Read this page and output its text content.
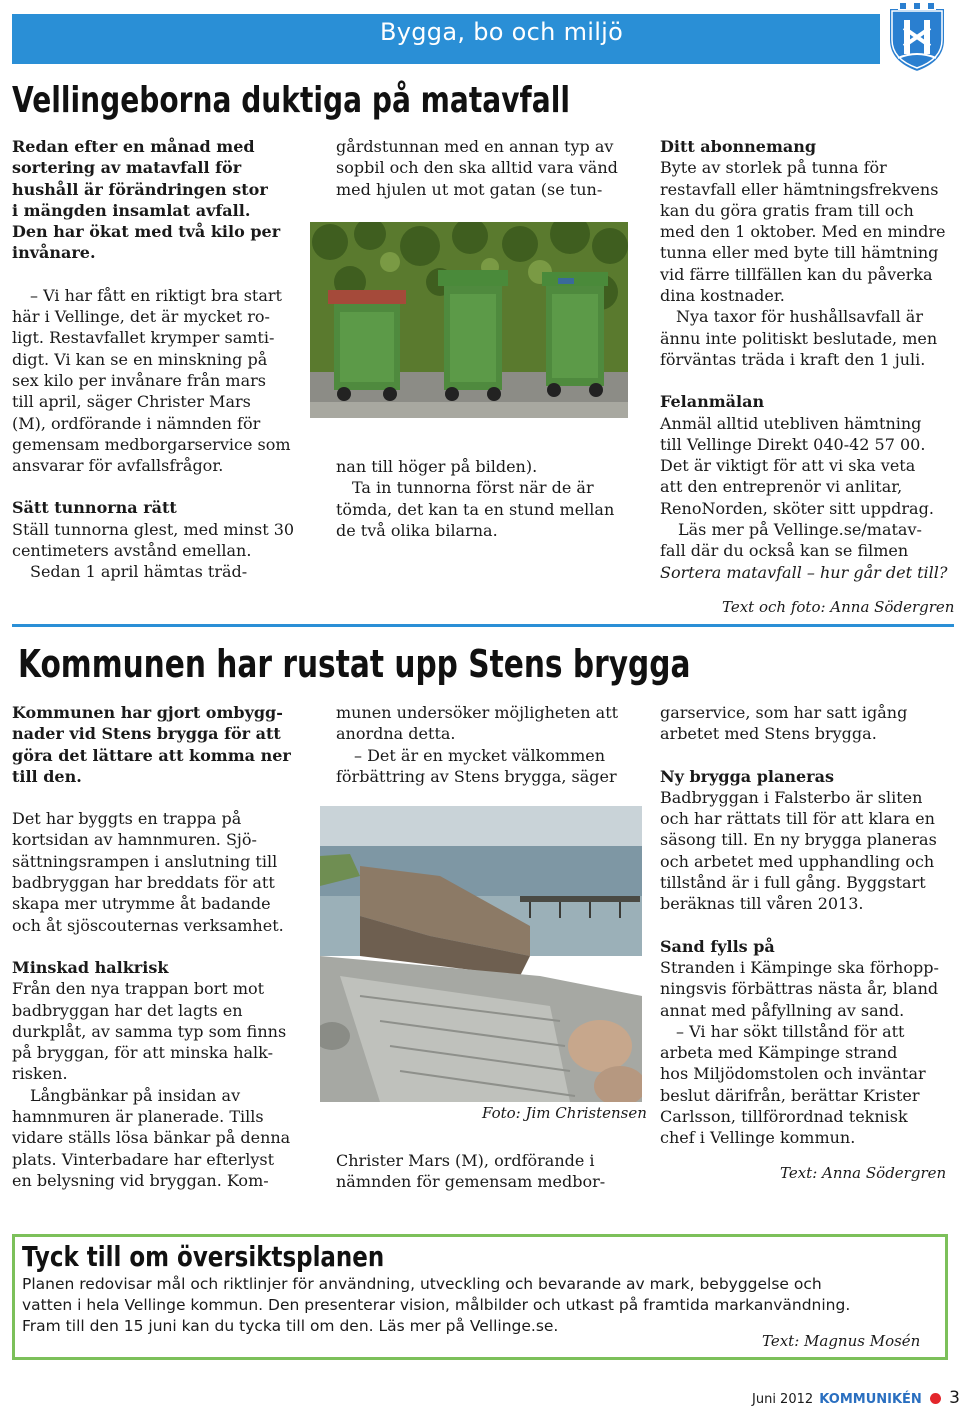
Bygga, bo och miljö
Vellingeborna duktiga på matavfall
Redan efter en månad med
sortering av matavfall för
hushåll är förändringen stor
i mängden insamlat avfall.
Den har ökat med två kilo per
invånare.
– Vi har fått en riktigt bra start
här i Vellinge, det är mycket ro-
ligt. Restavfallet krymper samti-
digt. Vi kan se en minskning på
sex kilo per invånare från mars
till april, säger Christer Mars
(M), ordförande i nämnden för
gemensam medborgarservice som
ansvarar för avfallsfrågor.
Sätt tunnorna rätt
Ställ tunnorna glest, med minst 30
centimeters avstånd emellan.
Sedan 1 april hämtas träd-
gårdstunnan med en annan typ av
sopbil och den ska alltid vara vänd
med hjulen ut mot gatan (se tun-
nan till höger på bilden).
Ta in tunnorna först när de är
tömda, det kan ta en stund mellan
de två olika bilarna.
Ditt abonnemang
Byte av storlek på tunna för
restavfall eller hämtningsfrekvens
kan du göra gratis fram till och
med den 1 oktober. Med en mindre
tunna eller med byte till hämtning
vid färre tillfällen kan du påverka
dina kostnader.
Nya taxor för hushållsavfall är
ännu inte politiskt beslutade, men
förväntas träda i kraft den 1 juli.
Felanmälan
Anmäl alltid utebliven hämtning
till Vellinge Direkt 040-42 57 00.
Det är viktigt för att vi ska veta
att den entreprenör vi anlitar,
RenoNorden, sköter sitt uppdrag.
Läs mer på Vellinge.se/matav-
fall där du också kan se filmen
Sortera matavfall – hur går det till?
Text och foto: Anna Södergren
Kommunen har rustat upp Stens brygga
Kommunen har gjort ombygg-
nader vid Stens brygga för att
göra det lättare att komma ner
till den.
Det har byggts en trappa på
kortsidan av hamnmuren. Sjö-
sättningsrampen i anslutning till
badbryggan har breddats för att
skapa mer utrymme åt badande
och åt sjöscouternas verksamhet.
Minskad halkrisk
Från den nya trappan bort mot
badbryggan har det lagts en
durkplåt, av samma typ som finns
på bryggan, för att minska halk-
risken.
Långbänkar på insidan av
hamnmuren är planerade. Tills
vidare ställs lösa bänkar på denna
plats. Vinterbadare har efterlyst
en belysning vid bryggan. Kom-
munen undersöker möjligheten att
anordna detta.
– Det är en mycket välkommen
förbättring av Stens brygga, säger
Foto: Jim Christensen
Christer Mars (M), ordförande i
nämnden för gemensam medbor-
garservice, som har satt igång
arbetet med Stens brygga.
Ny brygga planeras
Badbryggan i Falsterbo är sliten
och har rättats till för att klara en
säsong till. En ny brygga planeras
och arbetet med upphandling och
tillstånd är i full gång. Byggstart
beräknas till våren 2013.
Sand fylls på
Stranden i Kämpinge ska förhopp-
ningsvis förbättras nästa år, bland
annat med påfyllning av sand.
– Vi har sökt tillstånd för att
arbeta med Kämpinge strand
hos Miljödomstolen och inväntar
beslut därifrån, berättar Krister
Carlsson, tillförordnad teknisk
chef i Vellinge kommun.
Text: Anna Södergren
Tyck till om översiktsplanen
Planen redovisar mål och riktlinjer för användning, utveckling och bevarande av mark, bebyggelse och
vatten i hela Vellinge kommun. Den presenterar vision, målbilder och utkast på framtida markanvändning.
Fram till den 15 juni kan du tycka till om den. Läs mer på Vellinge.se.
Text: Magnus Mosén
Juni 2012 KOMMUNIKÉN 3
